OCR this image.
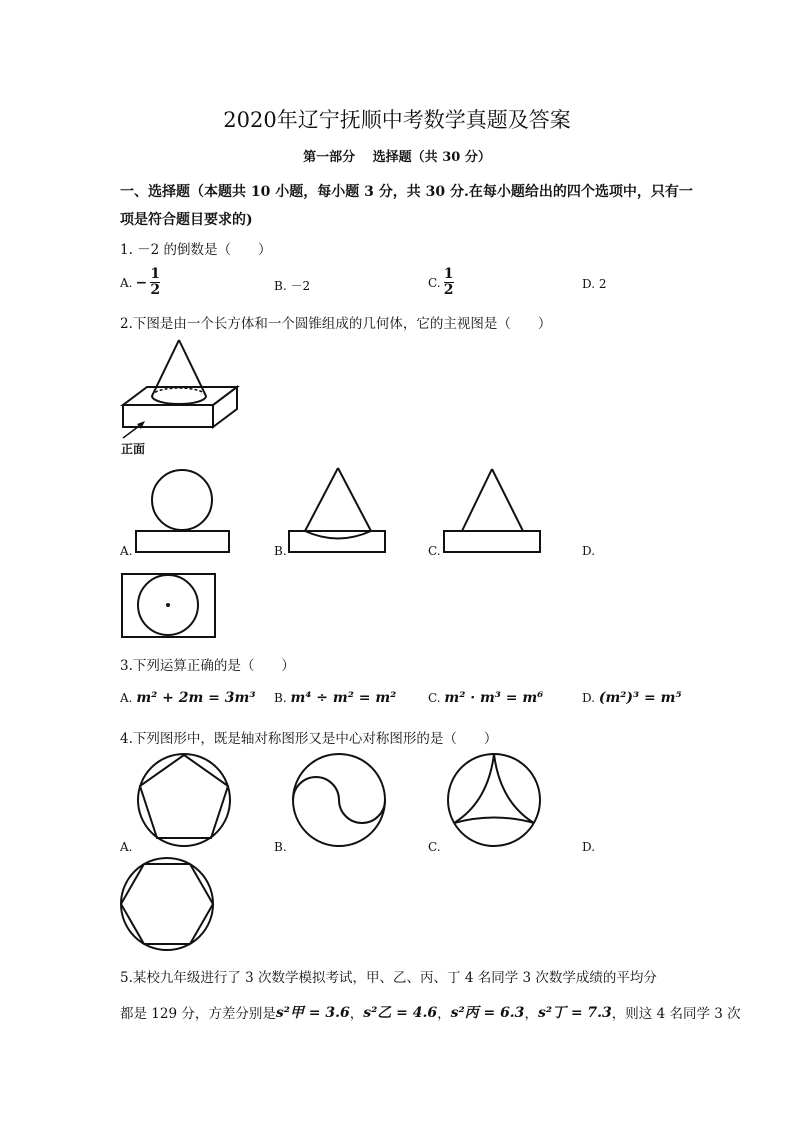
2020年辽宁抚顺中考数学真题及答案
第一部分　 选择题（共 30 分）
一、选择题（本题共 10 小题，每小题 3 分，共 30 分.在每小题给出的四个选项中，只有一
项是符合题目要求的)
1. －2 的倒数是（　　）
A. − $\frac{1}{2}$	B. －2	C. $\frac{1}{2}$	D. 2
2.下图是由一个长方体和一个圆锥组成的几何体，它的主视图是（　　）
正面
A.	B.	C.	D.
3.下列运算正确的是（　　）
A. m² + 2m = 3m³ B. m⁴ ÷ m² = m²	C. m² · m³ = m⁶	D. (m²)³ = m⁵
4.下列图形中，既是轴对称图形又是中心对称图形的是（　　）
A.	B.	C.	D.
5.某校九年级进行了 3 次数学模拟考试，甲、乙、丙、丁 4 名同学 3 次数学成绩的平均分
都是 129 分，方差分别是 s²甲 = 3.6 ， s²乙 = 4.6 ， s²丙 = 6.3 ， s²丁 = 7.3 ，则这 4 名同学 3 次
